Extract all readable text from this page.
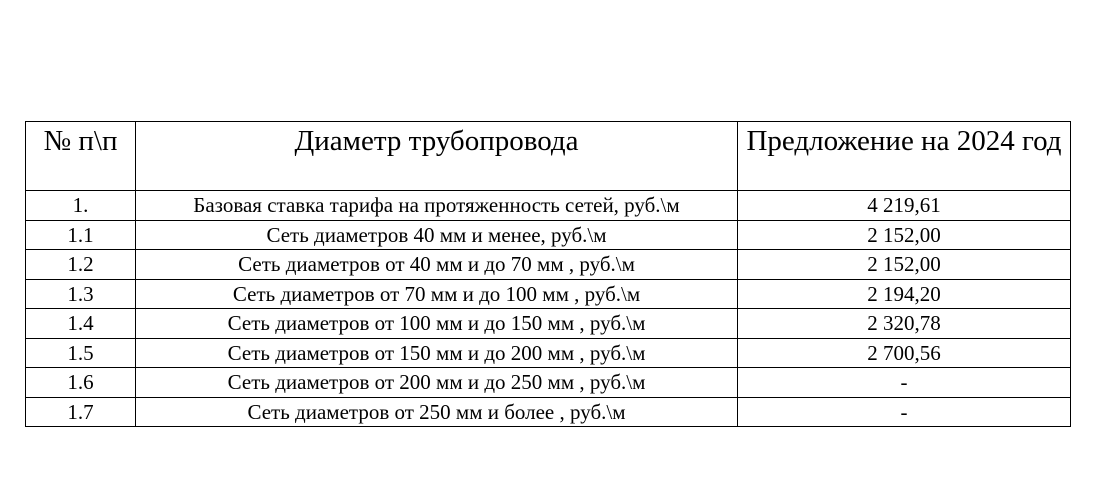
№ п\п	Диаметр трубопровода	Предложение на 2024 год
1.	Базовая ставка тарифа на протяженность сетей, руб.\м	4 219,61
1.1	Сеть диаметров 40 мм и менее, руб.\м	2 152,00
1.2	Сеть диаметров от 40 мм и до 70 мм , руб.\м	2 152,00
1.3	Сеть диаметров от 70 мм и до 100 мм , руб.\м	2 194,20
1.4	Сеть диаметров от 100 мм и до 150 мм , руб.\м	2 320,78
1.5	Сеть диаметров от 150 мм и до 200 мм , руб.\м	2 700,56
1.6	Сеть диаметров от 200 мм и до 250 мм , руб.\м	-
1.7	Сеть диаметров от 250 мм и более , руб.\м	-
